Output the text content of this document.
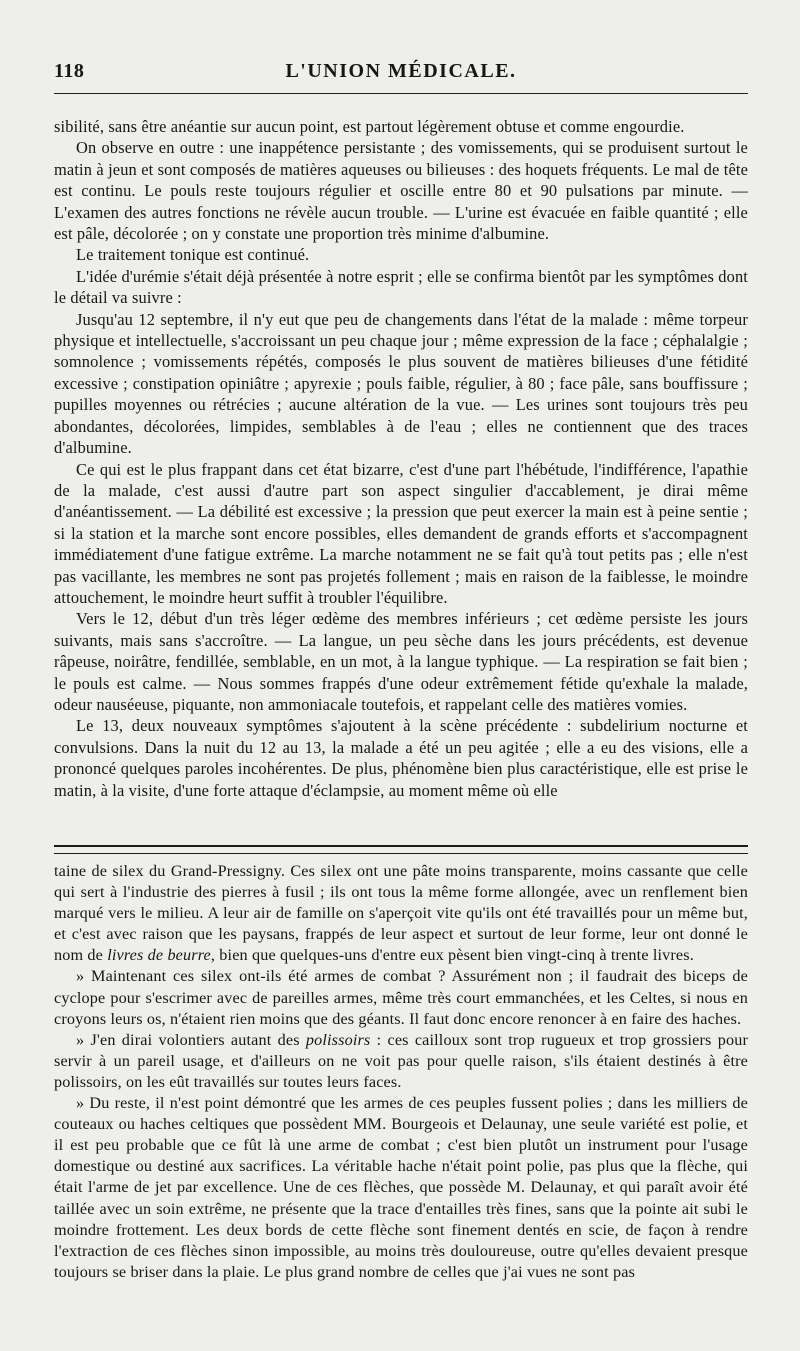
118	L'UNION MÉDICALE.

sibilité, sans être anéantie sur aucun point, est partout légèrement obtuse et comme engourdie.

On observe en outre : une inappétence persistante ; des vomissements, qui se produisent surtout le matin à jeun et sont composés de matières aqueuses ou bilieuses : des hoquets fréquents. Le mal de tête est continu. Le pouls reste toujours régulier et oscille entre 80 et 90 pulsations par minute. — L'examen des autres fonctions ne révèle aucun trouble. — L'urine est évacuée en faible quantité ; elle est pâle, décolorée ; on y constate une proportion très minime d'albumine.

Le traitement tonique est continué.

L'idée d'urémie s'était déjà présentée à notre esprit ; elle se confirma bientôt par les symptômes dont le détail va suivre :

Jusqu'au 12 septembre, il n'y eut que peu de changements dans l'état de la malade : même torpeur physique et intellectuelle, s'accroissant un peu chaque jour ; même expression de la face ; céphalalgie ; somnolence ; vomissements répétés, composés le plus souvent de matières bilieuses d'une fétidité excessive ; constipation opiniâtre ; apyrexie ; pouls faible, régulier, à 80 ; face pâle, sans bouffissure ; pupilles moyennes ou rétrécies ; aucune altération de la vue. — Les urines sont toujours très peu abondantes, décolorées, limpides, semblables à de l'eau ; elles ne contiennent que des traces d'albumine.

Ce qui est le plus frappant dans cet état bizarre, c'est d'une part l'hébétude, l'indifférence, l'apathie de la malade, c'est aussi d'autre part son aspect singulier d'accablement, je dirai même d'anéantissement. — La débilité est excessive ; la pression que peut exercer la main est à peine sentie ; si la station et la marche sont encore possibles, elles demandent de grands efforts et s'accompagnent immédiatement d'une fatigue extrême. La marche notamment ne se fait qu'à tout petits pas ; elle n'est pas vacillante, les membres ne sont pas projetés follement ; mais en raison de la faiblesse, le moindre attouchement, le moindre heurt suffit à troubler l'équilibre.

Vers le 12, début d'un très léger œdème des membres inférieurs ; cet œdème persiste les jours suivants, mais sans s'accroître. — La langue, un peu sèche dans les jours précédents, est devenue râpeuse, noirâtre, fendillée, semblable, en un mot, à la langue typhique. — La respiration se fait bien ; le pouls est calme. — Nous sommes frappés d'une odeur extrêmement fétide qu'exhale la malade, odeur nauséeuse, piquante, non ammoniacale toutefois, et rappelant celle des matières vomies.

Le 13, deux nouveaux symptômes s'ajoutent à la scène précédente : subdelirium nocturne et convulsions. Dans la nuit du 12 au 13, la malade a été un peu agitée ; elle a eu des visions, elle a prononcé quelques paroles incohérentes. De plus, phénomène bien plus caractéristique, elle est prise le matin, à la visite, d'une forte attaque d'éclampsie, au moment même où elle

taine de silex du Grand-Pressigny. Ces silex ont une pâte moins transparente, moins cassante que celle qui sert à l'industrie des pierres à fusil ; ils ont tous la même forme allongée, avec un renflement bien marqué vers le milieu. A leur air de famille on s'aperçoit vite qu'ils ont été travaillés pour un même but, et c'est avec raison que les paysans, frappés de leur aspect et surtout de leur forme, leur ont donné le nom de livres de beurre, bien que quelques-uns d'entre eux pèsent bien vingt-cinq à trente livres.

» Maintenant ces silex ont-ils été armes de combat ? Assurément non ; il faudrait des biceps de cyclope pour s'escrimer avec de pareilles armes, même très court emmanchées, et les Celtes, si nous en croyons leurs os, n'étaient rien moins que des géants. Il faut donc encore renoncer à en faire des haches.

» J'en dirai volontiers autant des polissoirs : ces cailloux sont trop rugueux et trop grossiers pour servir à un pareil usage, et d'ailleurs on ne voit pas pour quelle raison, s'ils étaient destinés à être polissoirs, on les eût travaillés sur toutes leurs faces.

» Du reste, il n'est point démontré que les armes de ces peuples fussent polies ; dans les milliers de couteaux ou haches celtiques que possèdent MM. Bourgeois et Delaunay, une seule variété est polie, et il est peu probable que ce fût là une arme de combat ; c'est bien plutôt un instrument pour l'usage domestique ou destiné aux sacrifices. La véritable hache n'était point polie, pas plus que la flèche, qui était l'arme de jet par excellence. Une de ces flèches, que possède M. Delaunay, et qui paraît avoir été taillée avec un soin extrême, ne présente que la trace d'entailles très fines, sans que la pointe ait subi le moindre frottement. Les deux bords de cette flèche sont finement dentés en scie, de façon à rendre l'extraction de ces flèches sinon impossible, au moins très douloureuse, outre qu'elles devaient presque toujours se briser dans la plaie. Le plus grand nombre de celles que j'ai vues ne sont pas
